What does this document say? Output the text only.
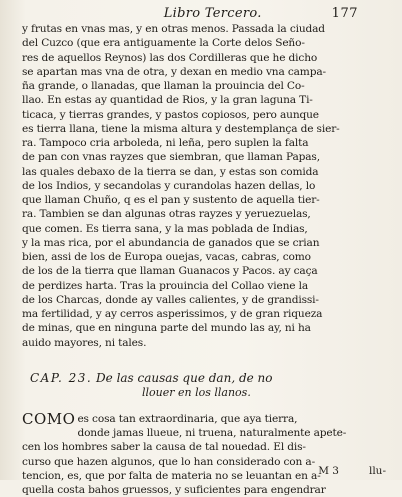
Libro Tercero.	177
y frutas en vnas mas, y en otras menos. Passada la ciudad
del Cuzco (que era antiguamente la Corte delos Seño-
res de aquellos Reynos) las dos Cordilleras que he dicho
se apartan mas vna de otra, y dexan en medio vna campa-
ña grande, o llanadas, que llaman la prouincia del Co-
llao. En estas ay quantidad de Rios, y la gran laguna Ti-
ticaca, y tierras grandes, y pastos copiosos, pero aunque
es tierra llana, tiene la misma altura y destemplança de sier-
ra. Tampoco cria arboleda, ni leña, pero suplen la falta
de pan con vnas rayzes que siembran, que llaman Papas,
las quales debaxo de la tierra se dan, y estas son comida
de los Indios, y secandolas y curandolas hazen dellas, lo
que llaman Chuño, q es el pan y sustento de aquella tier-
ra. Tambien se dan algunas otras rayzes y yeruezuelas,
que comen. Es tierra sana, y la mas poblada de Indias,
y la mas rica, por el abundancia de ganados que se crian
bien, assi de los de Europa ouejas, vacas, cabras, como
de los de la tierra que llaman Guanacos y Pacos. ay caça
de perdizes harta. Tras la prouincia del Collao viene la
de los Charcas, donde ay valles calientes, y de grandissi-
ma fertilidad, y ay cerros asperissimos, y de gran riqueza
de minas, que en ninguna parte del mundo las ay, ni ha
auido mayores, ni tales.
CAP. 23. De las causas que dan, de no
llouer en los llanos.
COMO es cosa tan extraordinaria, que aya tierra,
donde jamas llueue, ni truena, naturalmente apete-
cen los hombres saber la causa de tal nouedad. El dis-
curso que hazen algunos, que lo han considerado con a-
tencion, es, que por falta de materia no se leuantan en a-
quella costa bahos gruessos, y suficientes para engendrar
M 3	llu-
